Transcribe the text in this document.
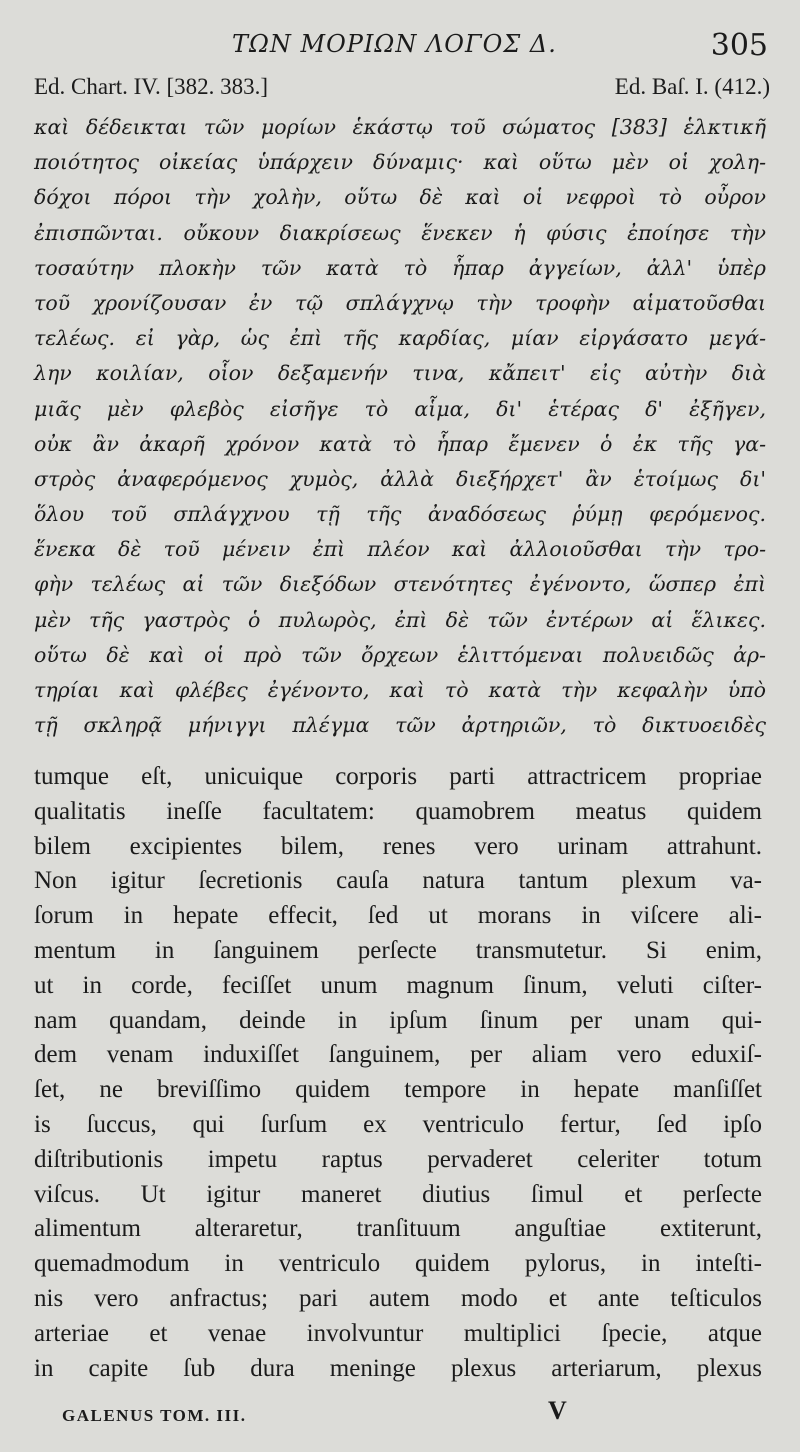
ΤΩΝ ΜΟΡΙΩΝ ΛΟΓΟΣ Δ.	305
Ed. Chart. IV. [382. 383.]	Ed. Baſ. I. (412.)
καὶ δέδεικται τῶν μορίων ἑκάστῳ τοῦ σώματος [383] ἑλκτικῆ
ποιότητος οἰκείας ὑπάρχειν δύναμις· καὶ οὕτω μὲν οἱ χολη-
δόχοι πόροι τὴν χολὴν, οὕτω δὲ καὶ οἱ νεφροὶ τὸ οὖρον
ἐπισπῶνται. οὔκουν διακρίσεως ἕνεκεν ἡ φύσις ἐποίησε τὴν
τοσαύτην πλοκὴν τῶν κατὰ τὸ ἧπαρ ἀγγείων, ἀλλ' ὑπὲρ
τοῦ χρονίζουσαν ἐν τῷ σπλάγχνῳ τὴν τροφὴν αἱματοῦσθαι
τελέως. εἰ γὰρ, ὡς ἐπὶ τῆς καρδίας, μίαν εἰργάσατο μεγά-
λην κοιλίαν, οἷον δεξαμενήν τινα, κἄπειτ' εἰς αὐτὴν διὰ
μιᾶς μὲν φλεβὸς εἰσῆγε τὸ αἷμα, δι' ἑτέρας δ' ἐξῆγεν,
οὐκ ἂν ἀκαρῆ χρόνον κατὰ τὸ ἧπαρ ἔμενεν ὁ ἐκ τῆς γα-
στρὸς ἀναφερόμενος χυμὸς, ἀλλὰ διεξήρχετ' ἂν ἑτοίμως δι'
ὅλου τοῦ σπλάγχνου τῇ τῆς ἀναδόσεως ῥύμῃ φερόμενος.
ἕνεκα δὲ τοῦ μένειν ἐπὶ πλέον καὶ ἀλλοιοῦσθαι τὴν τρο-
φὴν τελέως αἱ τῶν διεξόδων στενότητες ἐγένοντο, ὥσπερ ἐπὶ
μὲν τῆς γαστρὸς ὁ πυλωρὸς, ἐπὶ δὲ τῶν ἐντέρων αἱ ἕλικες.
οὕτω δὲ καὶ οἱ πρὸ τῶν ὄρχεων ἑλιττόμεναι πολυειδῶς ἀρ-
τηρίαι καὶ φλέβες ἐγένοντο, καὶ τὸ κατὰ τὴν κεφαλὴν ὑπὸ
τῇ σκληρᾷ μήνιγγι πλέγμα τῶν ἀρτηριῶν, τὸ δικτυοειδὲς
tumque eſt, unicuique corporis parti attractricem propriae
qualitatis ineſſe facultatem: quamobrem meatus quidem
bilem excipientes bilem, renes vero urinam attrahunt.
Non igitur ſecretionis cauſa natura tantum plexum va-
ſorum in hepate effecit, ſed ut morans in viſcere ali-
mentum in ſanguinem perſecte transmutetur. Si enim,
ut in corde, feciſſet unum magnum ſinum, veluti ciſter-
nam quandam, deinde in ipſum ſinum per unam qui-
dem venam induxiſſet ſanguinem, per aliam vero eduxiſ-
ſet, ne breviſſimo quidem tempore in hepate manſiſſet
is ſuccus, qui ſurſum ex ventriculo fertur, ſed ipſo
diſtributionis impetu raptus pervaderet celeriter totum
viſcus. Ut igitur maneret diutius ſimul et perſecte
alimentum alteraretur, tranſituum anguſtiae extiterunt,
quemadmodum in ventriculo quidem pylorus, in inteſti-
nis vero anfractus; pari autem modo et ante teſticulos
arteriae et venae involvuntur multiplici ſpecie, atque
in capite ſub dura meninge plexus arteriarum, plexus
GALENUS TOM. III.	V
